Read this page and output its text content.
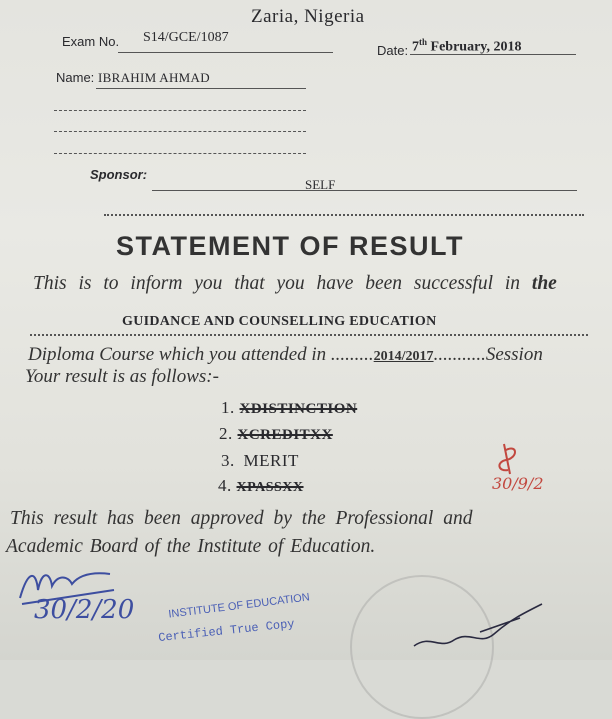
Zaria, Nigeria
Exam No. S14/GCE/1087
Date: 7th February, 2018
Name: IBRAHIM AHMAD
Sponsor:
SELF
STATEMENT OF RESULT
This is to inform you that you have been successful in the
GUIDANCE AND COUNSELLING EDUCATION
Diploma Course which you attended in .........2014/2017...........Session
Your result is as follows:-
1. XDISTINCTION
2. XCREDITXX
3. MERIT
4. XPASSXX	30/9/2
This result has been approved by the Professional and
Academic Board of the Institute of Education.
30/2/20	INSTITUTE OF EDUCATION
Certified True Copy
